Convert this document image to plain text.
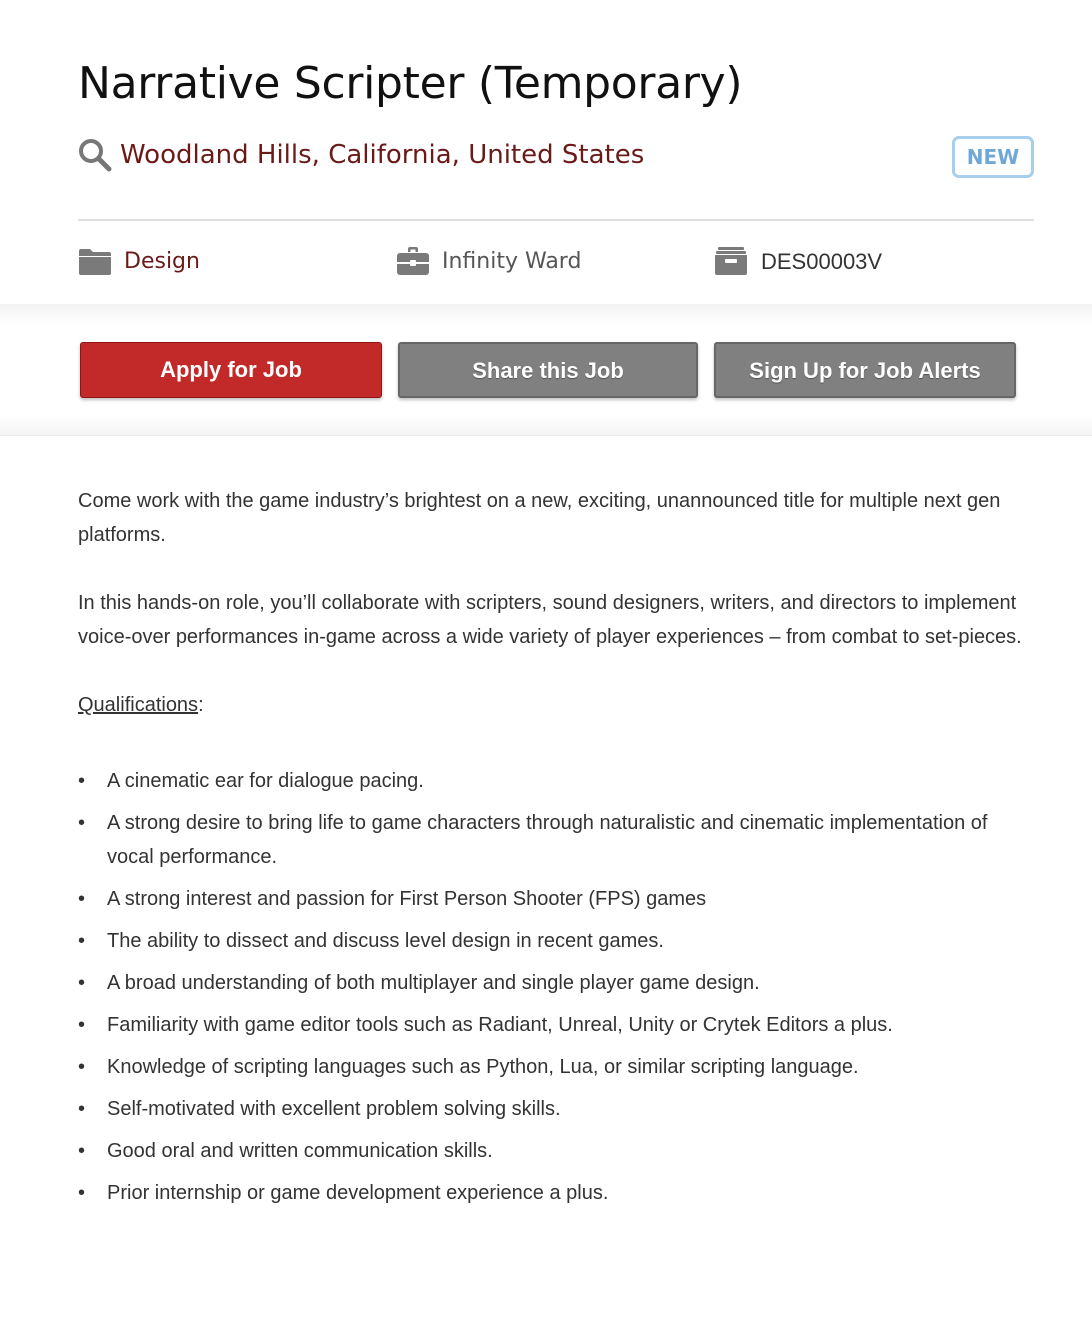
Narrative Scripter (Temporary)
Woodland Hills, California, United States	NEW
Design	Infinity Ward	DES00003V
Apply for Job	Share this Job	Sign Up for Job Alerts

Come work with the game industry’s brightest on a new, exciting, unannounced title for multiple next gen platforms.

In this hands-on role, you’ll collaborate with scripters, sound designers, writers, and directors to implement voice-over performances in-game across a wide variety of player experiences – from combat to set-pieces.

Qualifications:

• A cinematic ear for dialogue pacing.
• A strong desire to bring life to game characters through naturalistic and cinematic implementation of vocal performance.
• A strong interest and passion for First Person Shooter (FPS) games
• The ability to dissect and discuss level design in recent games.
• A broad understanding of both multiplayer and single player game design.
• Familiarity with game editor tools such as Radiant, Unreal, Unity or Crytek Editors a plus.
• Knowledge of scripting languages such as Python, Lua, or similar scripting language.
• Self-motivated with excellent problem solving skills.
• Good oral and written communication skills.
• Prior internship or game development experience a plus.
